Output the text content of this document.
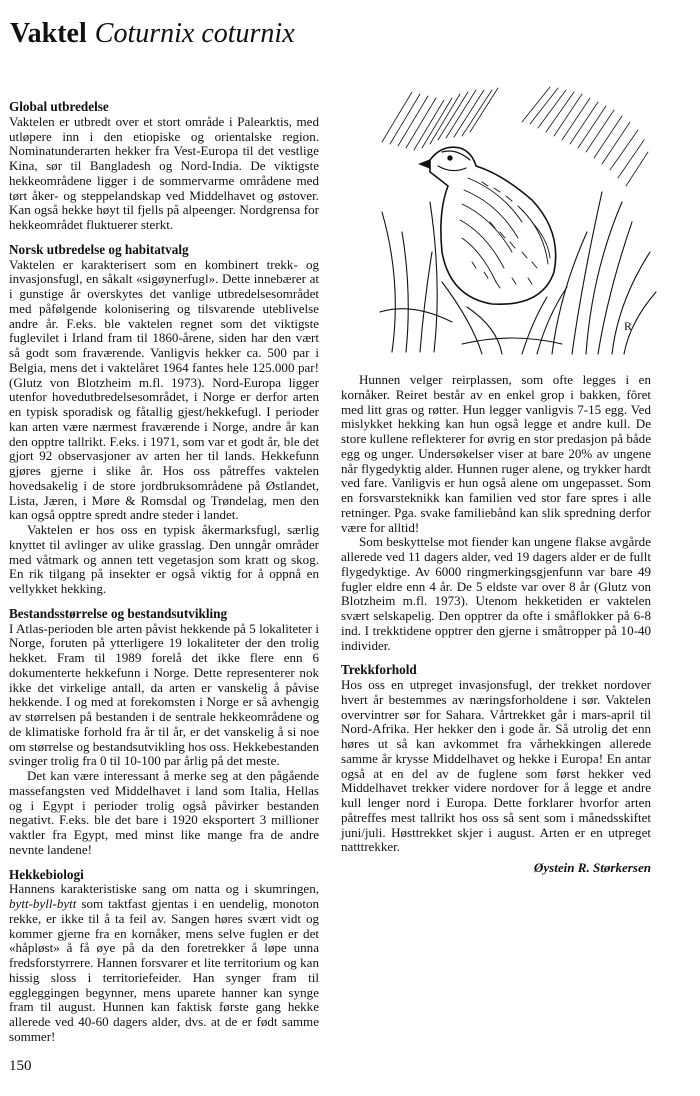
Vaktel Coturnix coturnix
Global utbredelse

Vaktelen er utbredt over et stort område i Palearktis, med utløpere inn i den etiopiske og orientalske region. Nominatunderarten hekker fra Vest-Europa til det vestlige Kina, sør til Bangladesh og Nord-India. De viktigste hekkeområdene ligger i de sommervarme områdene med tørt åker- og steppelandskap ved Middelhavet og østover. Kan også hekke høyt til fjells på alpeenger. Nordgrensa for hekkeområdet fluktuerer sterkt.

Norsk utbredelse og habitatvalg

Vaktelen er karakterisert som en kombinert trekk- og invasjonsfugl, en såkalt «sigøynerfugl». Dette innebærer at i gunstige år overskytes det vanlige utbredelsesområdet med påfølgende kolonisering og tilsvarende uteblivelse andre år. F.eks. ble vaktelen regnet som det viktigste fuglevilet i Irland fram til 1860-årene, siden har den vært så godt som fraværende. Vanligvis hekker ca. 500 par i Belgia, mens det i vaktelåret 1964 fantes hele 125.000 par! (Glutz von Blotzheim m.fl. 1973). Nord-Europa ligger utenfor hovedutbredelsesområdet, i Norge er derfor arten en typisk sporadisk og fåtallig gjest/hekkefugl. I perioder kan arten være nærmest fraværende i Norge, andre år kan den opptre tallrikt. F.eks. i 1971, som var et godt år, ble det gjort 92 observasjoner av arten her til lands. Hekkefunn gjøres gjerne i slike år. Hos oss påtreffes vaktelen hovedsakelig i de store jordbruksområdene på Østlandet, Lista, Jæren, i Møre & Romsdal og Trøndelag, men den kan også opptre spredt andre steder i landet.

Vaktelen er hos oss en typisk åkermarksfugl, særlig knyttet til avlinger av ulike grasslag. Den unngår områder med våtmark og annen tett vegetasjon som kratt og skog. En rik tilgang på insekter er også viktig for å oppnå en vellykket hekking.

Bestandsstørrelse og bestandsutvikling

I Atlas-perioden ble arten påvist hekkende på 5 lokaliteter i Norge, foruten på ytterligere 19 lokaliteter der den trolig hekket. Fram til 1989 forelå det ikke flere enn 6 dokumenterte hekkefunn i Norge. Dette representerer nok ikke det virkelige antall, da arten er vanskelig å påvise hekkende. I og med at forekomsten i Norge er så avhengig av størrelsen på bestanden i de sentrale hekkeområdene og de klimatiske forhold fra år til år, er det vanskelig å si noe om størrelse og bestandsutvikling hos oss. Hekkebestanden svinger trolig fra 0 til 10-100 par årlig på det meste.

Det kan være interessant å merke seg at den pågående massefangsten ved Middelhavet i land som Italia, Hellas og i Egypt i perioder trolig også påvirker bestanden negativt. F.eks. ble det bare i 1920 eksportert 3 millioner vaktler fra Egypt, med minst like mange fra de andre nevnte landene!

Hekkebiologi

Hannens karakteristiske sang om natta og i skumringen, bytt-byll-bytt som taktfast gjentas i en uendelig, monoton rekke, er ikke til å ta feil av. Sangen høres svært vidt og kommer gjerne fra en kornåker, mens selve fuglen er det «håpløst» å få øye på da den foretrekker å løpe unna fredsforstyrrere. Hannen forsvarer et lite territorium og kan hissig sloss i territoriefeider. Han synger fram til eggleggingen begynner, mens uparete hanner kan synge fram til august. Hunnen kan faktisk første gang hekke allerede ved 40-60 dagers alder, dvs. at de er født samme sommer!

R

Hunnen velger reirplassen, som ofte legges i en kornåker. Reiret består av en enkel grop i bakken, fôret med litt gras og røtter. Hun legger vanligvis 7-15 egg. Ved mislykket hekking kan hun også legge et andre kull. De store kullene reflekterer for øvrig en stor predasjon på både egg og unger. Undersøkelser viser at bare 20% av ungene når flygedyktig alder. Hunnen ruger alene, og trykker hardt ved fare. Vanligvis er hun også alene om ungepasset. Som en forsvarsteknikk kan familien ved stor fare spres i alle retninger. Pga. svake familiebånd kan slik spredning derfor være for alltid!

Som beskyttelse mot fiender kan ungene flakse avgårde allerede ved 11 dagers alder, ved 19 dagers alder er de fullt flygedyktige. Av 6000 ringmerkingsgjenfunn var bare 49 fugler eldre enn 4 år. De 5 eldste var over 8 år (Glutz von Blotzheim m.fl. 1973). Utenom hekketiden er vaktelen svært selskapelig. Den opptrer da ofte i småflokker på 6-8 ind. I trekktidene opptrer den gjerne i småtropper på 10-40 individer.

Trekkforhold

Hos oss en utpreget invasjonsfugl, der trekket nordover hvert år bestemmes av næringsforholdene i sør. Vaktelen overvintrer sør for Sahara. Vårtrekket går i mars-april til Nord-Afrika. Her hekker den i gode år. Så utrolig det enn høres ut så kan avkommet fra vårhekkingen allerede samme år krysse Middelhavet og hekke i Europa! En antar også at en del av de fuglene som først hekker ved Middelhavet trekker videre nordover for å legge et andre kull lenger nord i Europa. Dette forklarer hvorfor arten påtreffes mest tallrikt hos oss så sent som i månedsskiftet juni/juli. Høsttrekket skjer i august. Arten er en utpreget natttrekker.

Øystein R. Størkersen
150
